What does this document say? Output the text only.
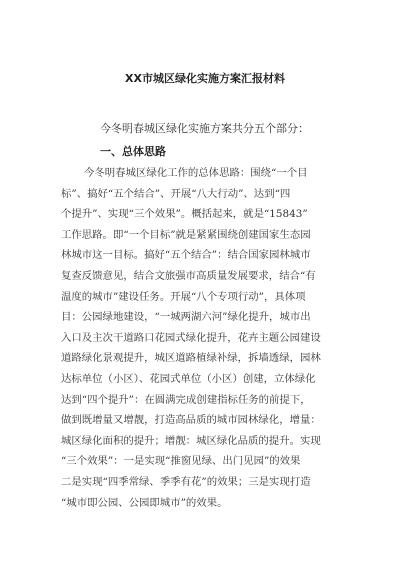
XX市城区绿化实施方案汇报材料
今冬明春城区绿化实施方案共分五个部分：
一、总体思路
今冬明春城区绿化工作的总体思路：围绕“一个目
标”、搞好“五个结合”、开展“八大行动”、达到“四
个提升”、实现“三个效果”。概括起来，就是“15843”
工作思路。即“一个目标”就是紧紧围绕创建国家生态园
林城市这一目标。搞好“五个结合”：结合国家园林城市
复查反馈意见，结合文旅强市高质量发展要求，结合“有
温度的城市”建设任务。开展“八个专项行动”，具体项
目：公园绿地建设，“一城两湖六河”绿化提升，城市出
入口及主次干道路口花园式绿化提升，花卉主题公园建设
道路绿化景观提升，城区道路植绿补绿，拆墙透绿，园林
达标单位（小区）、花园式单位（小区）创建，立体绿化
达到“四个提升”：在圆满完成创建指标任务的前提下，
做到既增量又增靓，打造高品质的城市园林绿化，增量：
城区绿化面积的提升；增靓：城区绿化品质的提升。实现
“三个效果”：一是实现“推窗见绿、出门见园”的效果
二是实现“四季常绿、季季有花”的效果；三是实现打造
“城市即公园、公园即城市”的效果。
